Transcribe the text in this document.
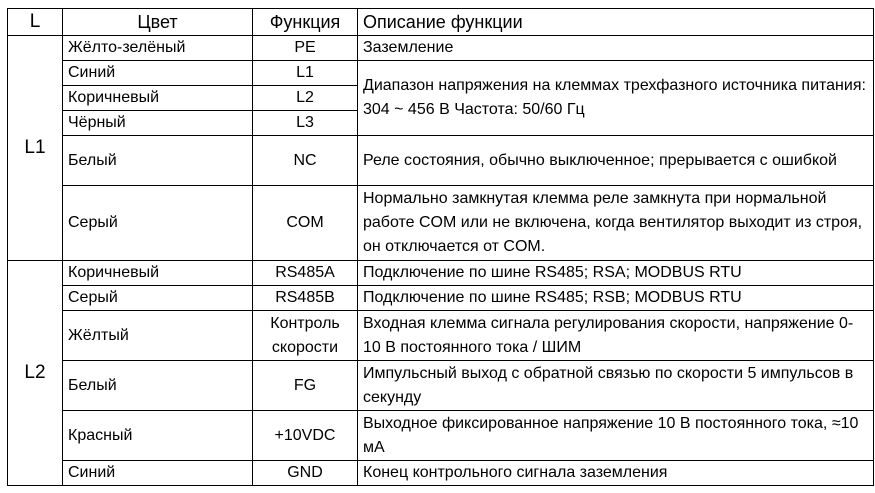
L	Цвет	Функция	Описание функции
L1	Жёлто-зелёный	PE	Заземление
	Синий	L1	Диапазон напряжения на клеммах трехфазного источника питания: 304 ~ 456 В Частота: 50/60 Гц
	Коричневый	L2	
	Чёрный	L3	
	Белый	NC	Реле состояния, обычно выключенное; прерывается с ошибкой
	Серый	COM	Нормально замкнутая клемма реле замкнута при нормальной работе COM или не включена, когда вентилятор выходит из строя, он отключается от COM.
L2	Коричневый	RS485A	Подключение по шине RS485; RSA; MODBUS RTU
	Серый	RS485B	Подключение по шине RS485; RSB; MODBUS RTU
	Жёлтый	Контроль скорости	Входная клемма сигнала регулирования скорости, напряжение 0-10 В постоянного тока / ШИМ
	Белый	FG	Импульсный выход с обратной связью по скорости 5 импульсов в секунду
	Красный	+10VDC	Выходное фиксированное напряжение 10 В постоянного тока, ≈10 мА
	Синий	GND	Конец контрольного сигнала заземления
